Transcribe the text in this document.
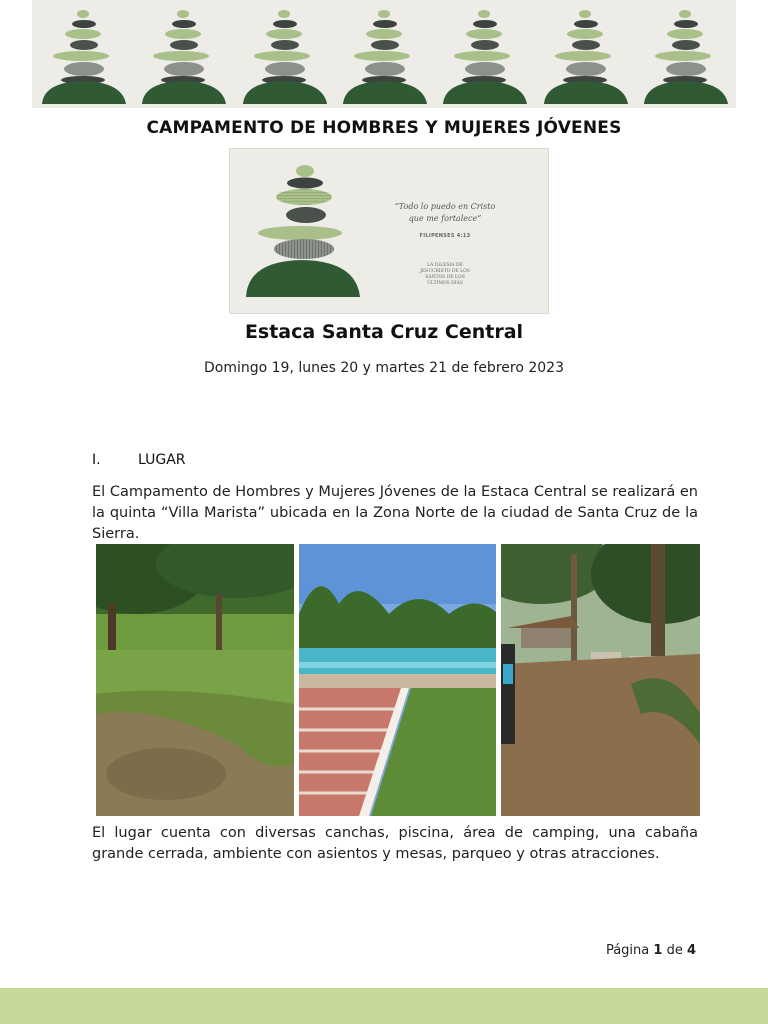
CAMPAMENTO DE HOMBRES Y MUJERES JÓVENES
“Todo lo puedo en Cristo que me fortalece”
FILIPENSES 4:13
LA IGLESIA DE JESUCRISTO DE LOS SANTOS DE LOS ÚLTIMOS DÍAS
Estaca Santa Cruz Central
Domingo 19, lunes 20 y martes 21 de febrero 2023
I.	LUGAR
El Campamento de Hombres y Mujeres Jóvenes de la Estaca Central se realizará en la quinta “Villa Marista” ubicada en la Zona Norte de la ciudad de Santa Cruz de la Sierra.
El lugar cuenta con diversas canchas, piscina, área de camping, una cabaña grande cerrada, ambiente con asientos y mesas, parqueo y otras atracciones.
Página 1 de 4
